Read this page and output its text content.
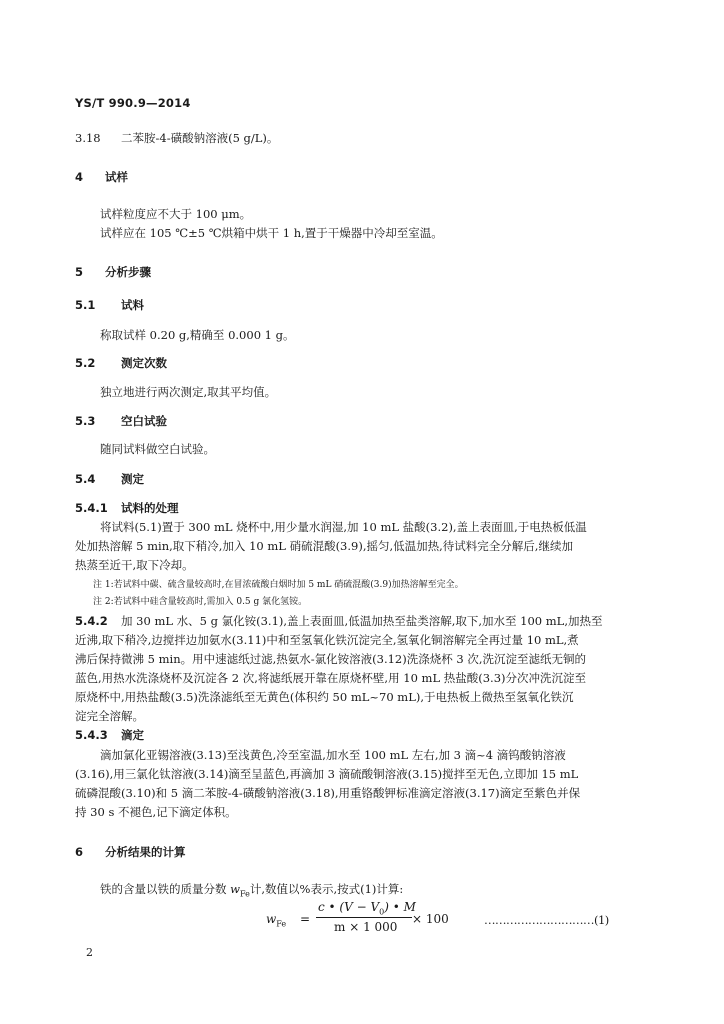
YS/T 990.9—2014
3.18 二苯胺-4-磺酸钠溶液(5 g/L)。
4 试样
试样粒度应不大于 100 μm。
试样应在 105 ℃±5 ℃烘箱中烘干 1 h,置于干燥器中冷却至室温。
5 分析步骤
5.1 试料
称取试样 0.20 g,精确至 0.000 1 g。
5.2 测定次数
独立地进行两次测定,取其平均值。
5.3 空白试验
随同试料做空白试验。
5.4 测定
5.4.1 试料的处理
将试料(5.1)置于 300 mL 烧杯中,用少量水润湿,加 10 mL 盐酸(3.2),盖上表面皿,于电热板低温
处加热溶解 5 min,取下稍冷,加入 10 mL 硝硫混酸(3.9),摇匀,低温加热,待试料完全分解后,继续加
热蒸至近干,取下冷却。
注 1:若试料中碳、硫含量较高时,在冒浓硫酸白烟时加 5 mL 硝硫混酸(3.9)加热溶解至完全。
注 2:若试料中硅含量较高时,需加入 0.5 g 氯化氢铵。
5.4.2 加 30 mL 水、5 g 氯化铵(3.1),盖上表面皿,低温加热至盐类溶解,取下,加水至 100 mL,加热至
近沸,取下稍冷,边搅拌边加氨水(3.11)中和至氢氧化铁沉淀完全,氢氧化铜溶解完全再过量 10 mL,煮
沸后保持微沸 5 min。用中速滤纸过滤,热氨水-氯化铵溶液(3.12)洗涤烧杯 3 次,洗沉淀至滤纸无铜的
蓝色,用热水洗涤烧杯及沉淀各 2 次,将滤纸展开靠在原烧杯壁,用 10 mL 热盐酸(3.3)分次冲洗沉淀至
原烧杯中,用热盐酸(3.5)洗涤滤纸至无黄色(体积约 50 mL~70 mL),于电热板上微热至氢氧化铁沉
淀完全溶解。
5.4.3 滴定
滴加氯化亚锡溶液(3.13)至浅黄色,冷至室温,加水至 100 mL 左右,加 3 滴~4 滴钨酸钠溶液
(3.16),用三氯化钛溶液(3.14)滴至呈蓝色,再滴加 3 滴硫酸铜溶液(3.15)搅拌至无色,立即加 15 mL
硫磷混酸(3.10)和 5 滴二苯胺-4-磺酸钠溶液(3.18),用重铬酸钾标准滴定溶液(3.17)滴定至紫色并保
持 30 s 不褪色,记下滴定体积。
6 分析结果的计算
铁的含量以铁的质量分数 $w_{Fe}$计,数值以%表示,按式(1)计算:
$w_{Fe}$ =
c • $(V - V_0)$ • M
m × 1 000
× 100	…………………………(1)
2
